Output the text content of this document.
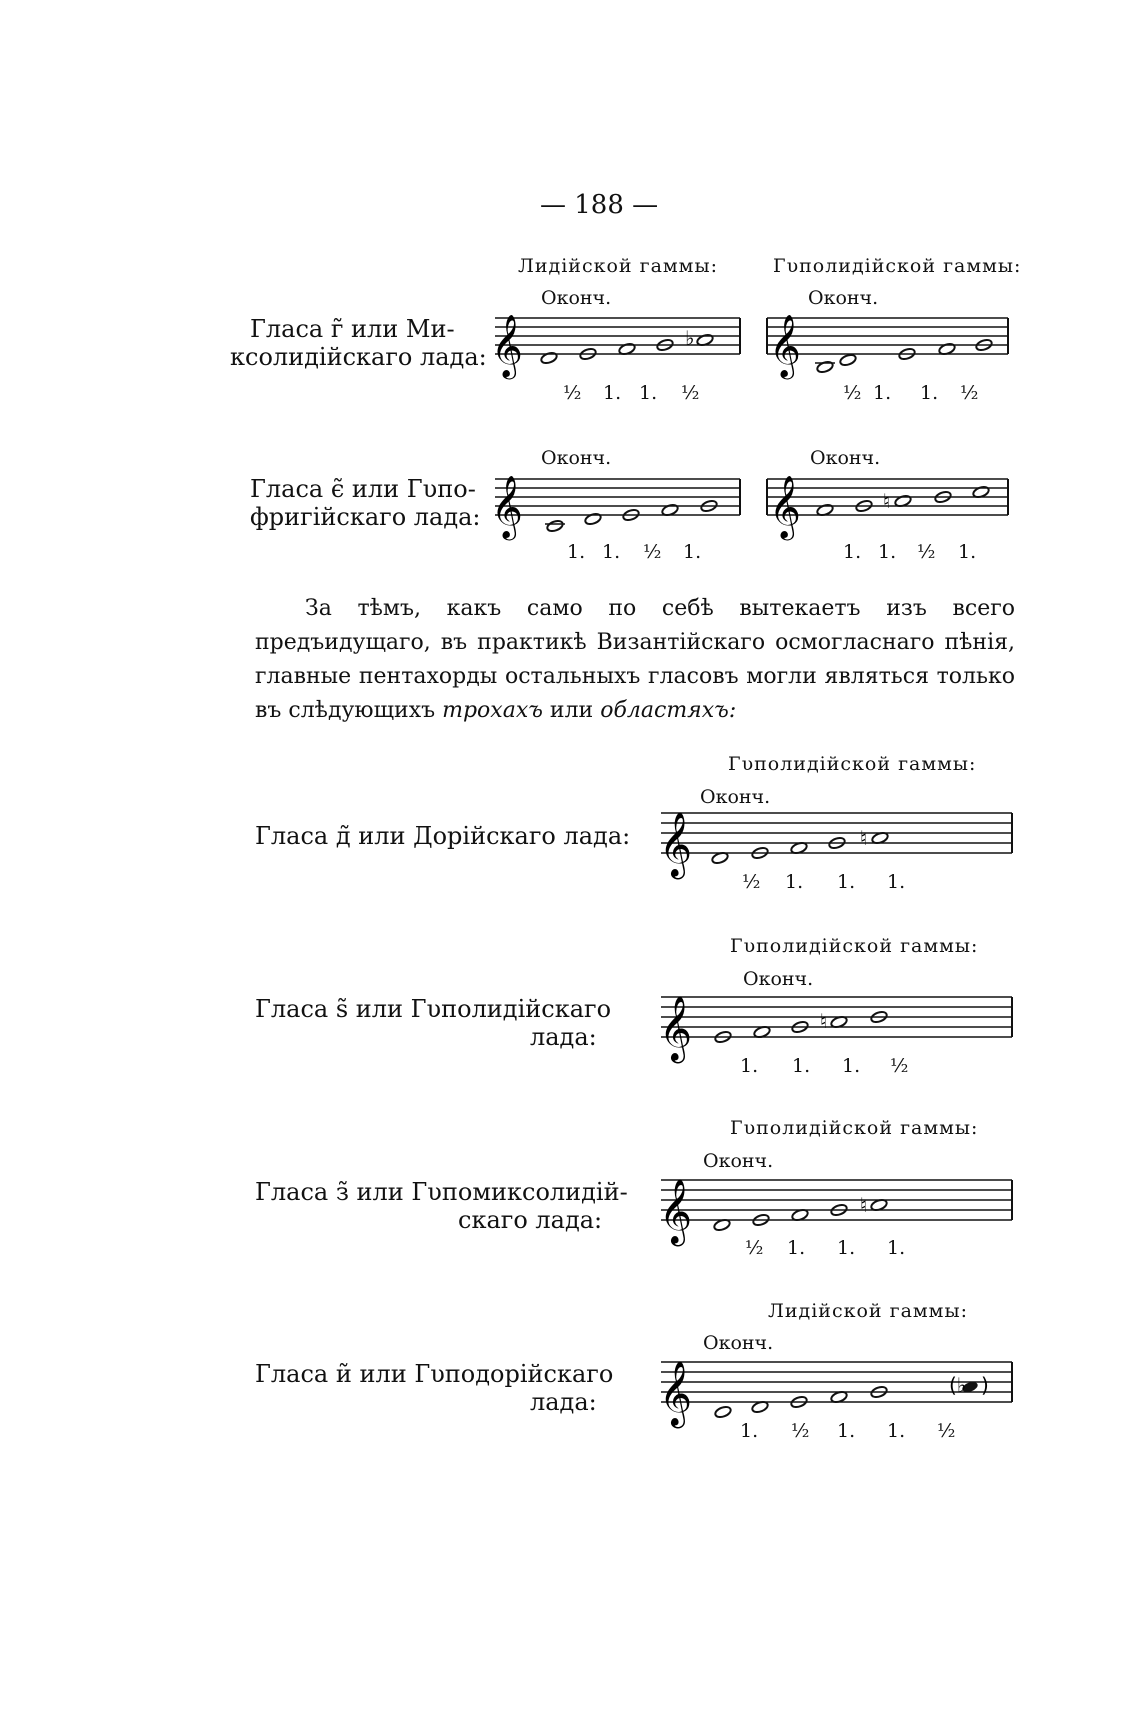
— 188 —
Лидійской гаммы:	Гυполидійской гаммы:
Оконч.	Оконч.
Гласа г̃ или Ми-
ксолидійскаго лада: 𝄞	♭
½ 1. 1. ½
𝄞
½ 1. 1. ½
Оконч.	Оконч.
Гласа є̃ или Гυпо-
фригійскаго лада: 𝄞
1. 1. ½ 1.
𝄞	♮
1. 1. ½ 1.

За тѣмъ, какъ само по себѣ вытекаетъ изъ всего предъидущаго, въ практикѣ Византійскаго осмогласнаго пѣнія, главные пентахорды остальныхъ гласовъ могли являться только въ слѣдующихъ трохахъ или областяхъ:

Гυполидійской гаммы:
Оконч.
Гласа д̃ или Дорійскаго лада: 𝄞	♮
½ 1. 1. 1.
Гυполидійской гаммы:
Оконч.
Гласа ѕ̃ или Гυполидійскаго
лада: 𝄞	♮
1. 1. 1. ½
Гυполидійской гаммы:
Оконч.
Гласа з̃ или Гυпомиксолидій-
скаго лада: 𝄞	♮
½ 1. 1. 1.
Лидійской гаммы:
Оконч.
Гласа и̃ или Гυподорійскаго
лада: 𝄞	(♭ )
1. ½ 1. 1. ½
